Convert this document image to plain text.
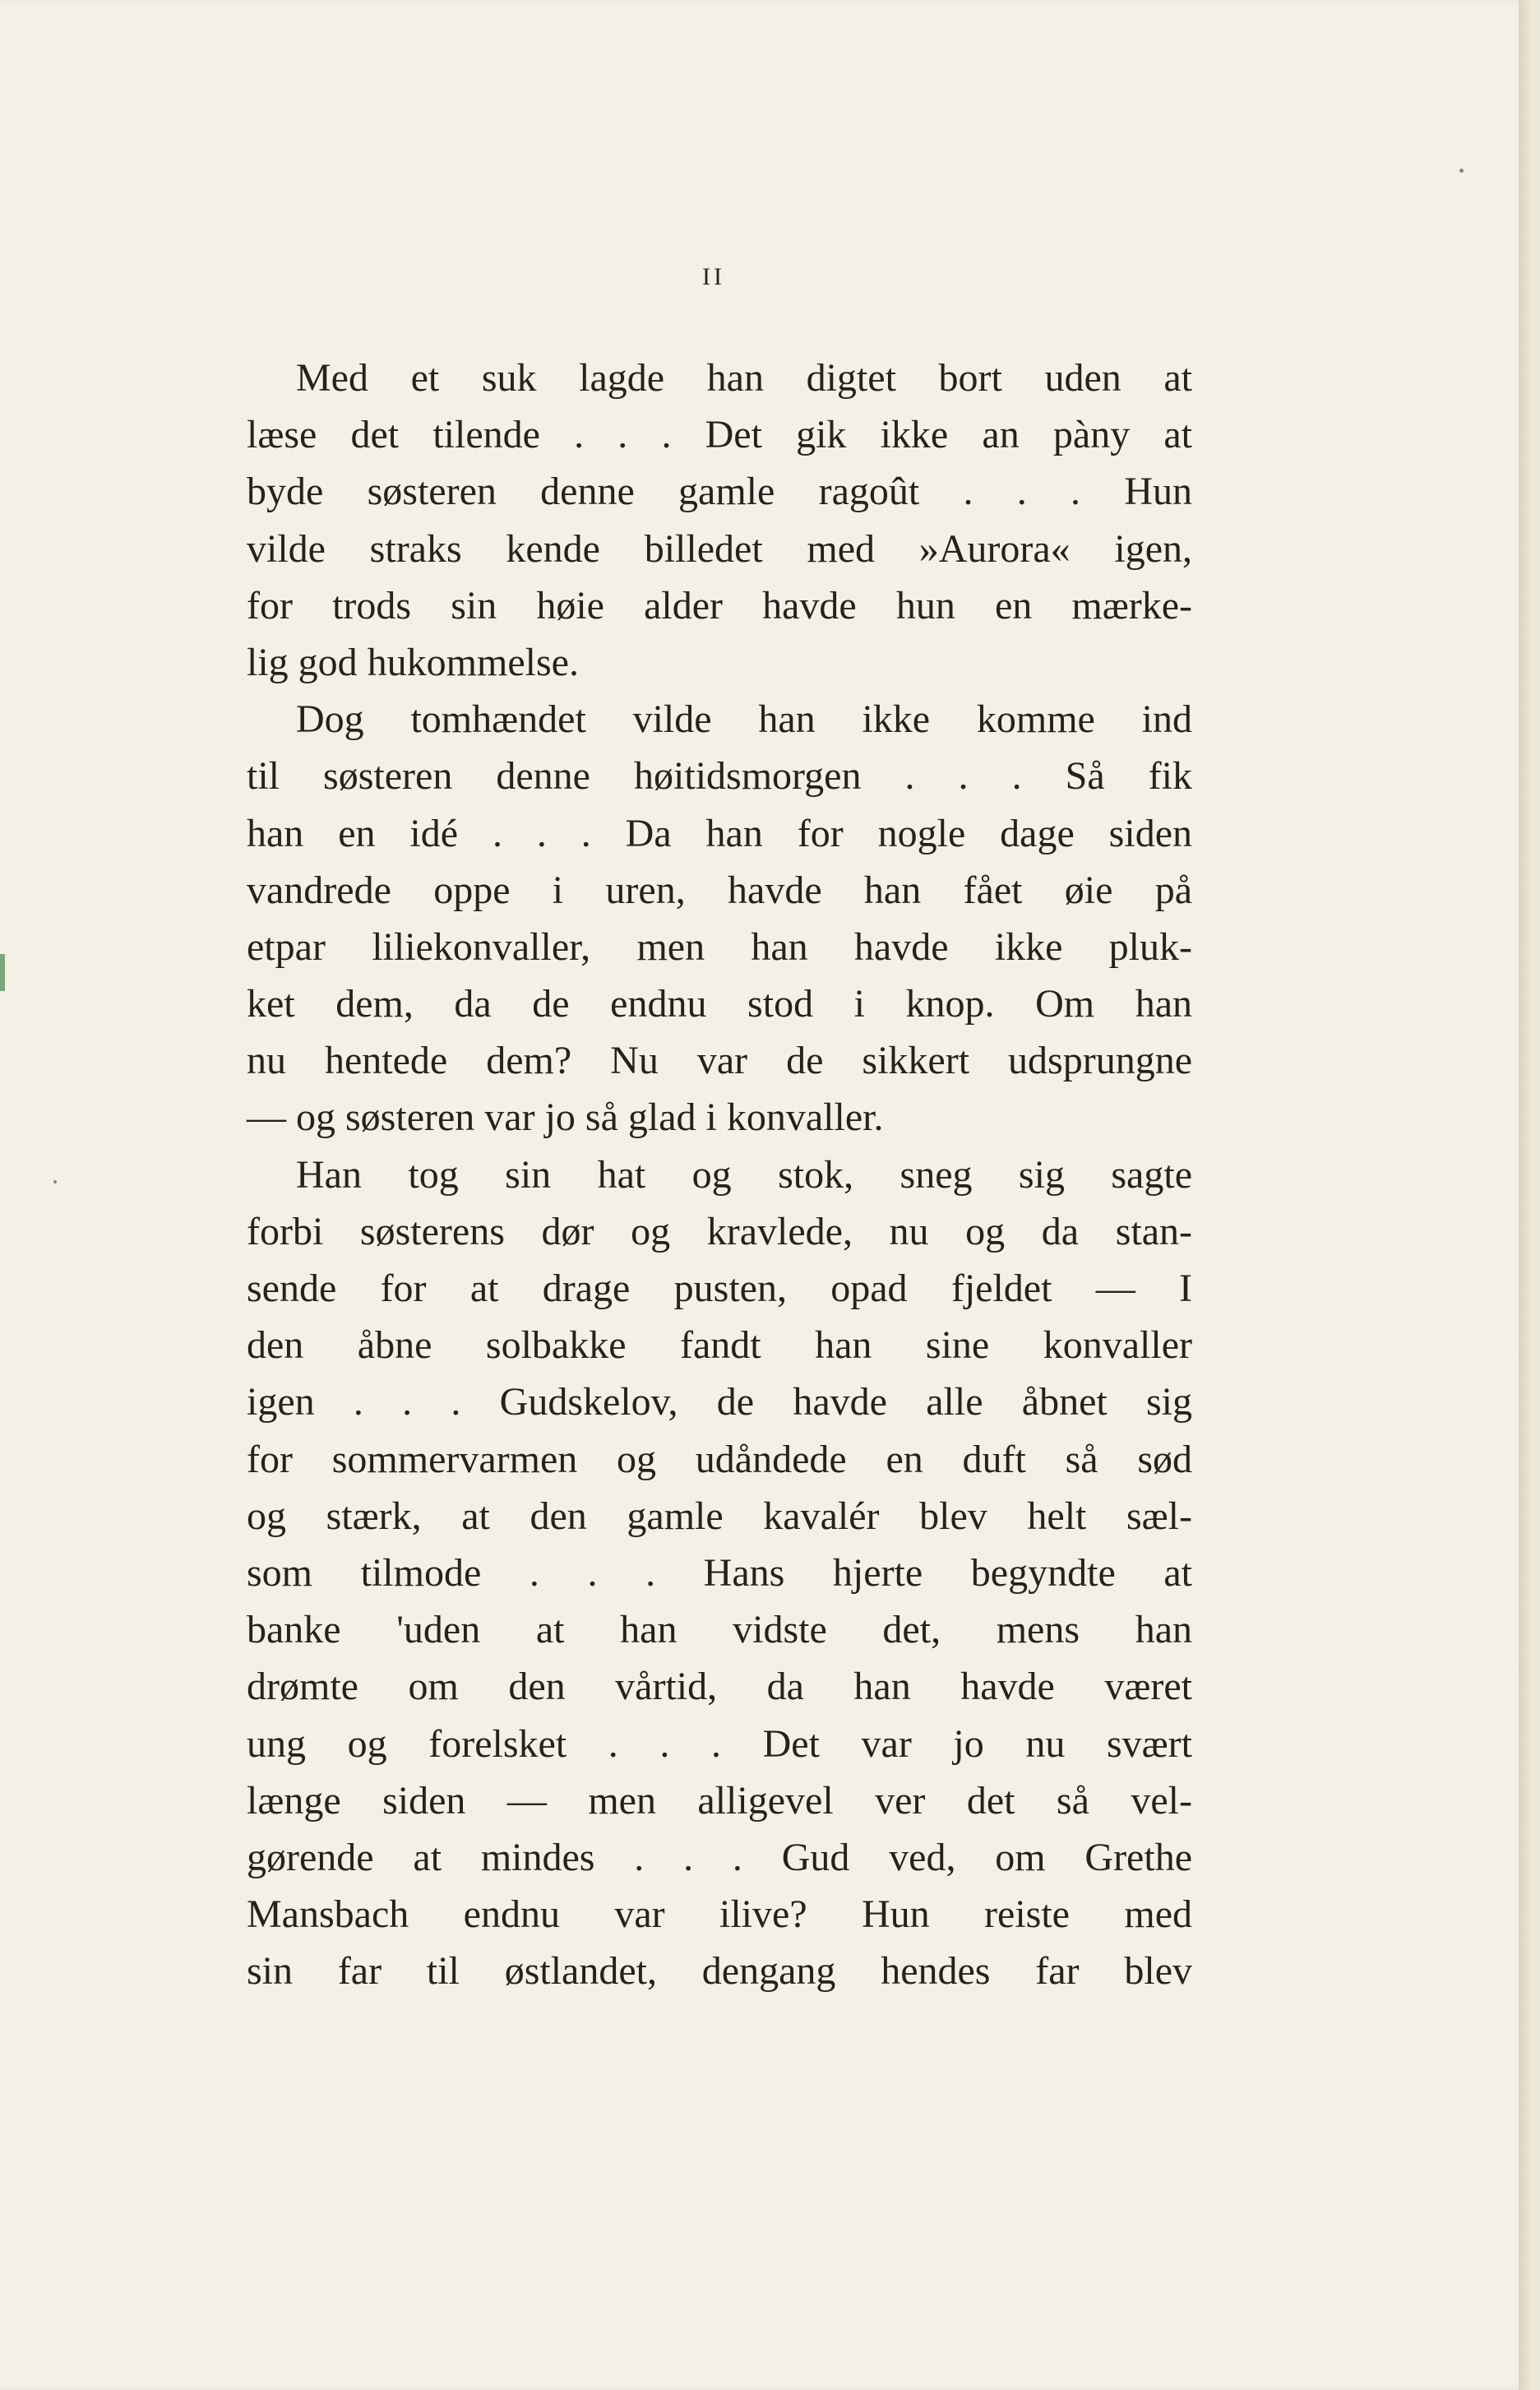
II
Med et suk lagde han digtet bort uden at
læse det tilende . . . Det gik ikke an pàny at
byde søsteren denne gamle ragoût . . . Hun
vilde straks kende billedet med »Aurora« igen,
for trods sin høie alder havde hun en mærke-
lig god hukommelse.
Dog tomhændet vilde han ikke komme ind
til søsteren denne høitidsmorgen . . . Så fik
han en idé . . . Da han for nogle dage siden
vandrede oppe i uren, havde han fået øie på
etpar liliekonvaller, men han havde ikke pluk-
ket dem, da de endnu stod i knop. Om han
nu hentede dem? Nu var de sikkert udsprungne
— og søsteren var jo så glad i konvaller.
Han tog sin hat og stok, sneg sig sagte
forbi søsterens dør og kravlede, nu og da stan-
sende for at drage pusten, opad fjeldet — I
den åbne solbakke fandt han sine konvaller
igen . . . Gudskelov, de havde alle åbnet sig
for sommervarmen og udåndede en duft så sød
og stærk, at den gamle kavalér blev helt sæl-
som tilmode . . . Hans hjerte begyndte at
banke 'uden at han vidste det, mens han
drømte om den vårtid, da han havde været
ung og forelsket . . . Det var jo nu svært
længe siden — men alligevel ver det så vel-
gørende at mindes . . . Gud ved, om Grethe
Mansbach endnu var ilive? Hun reiste med
sin far til østlandet, dengang hendes far blev
